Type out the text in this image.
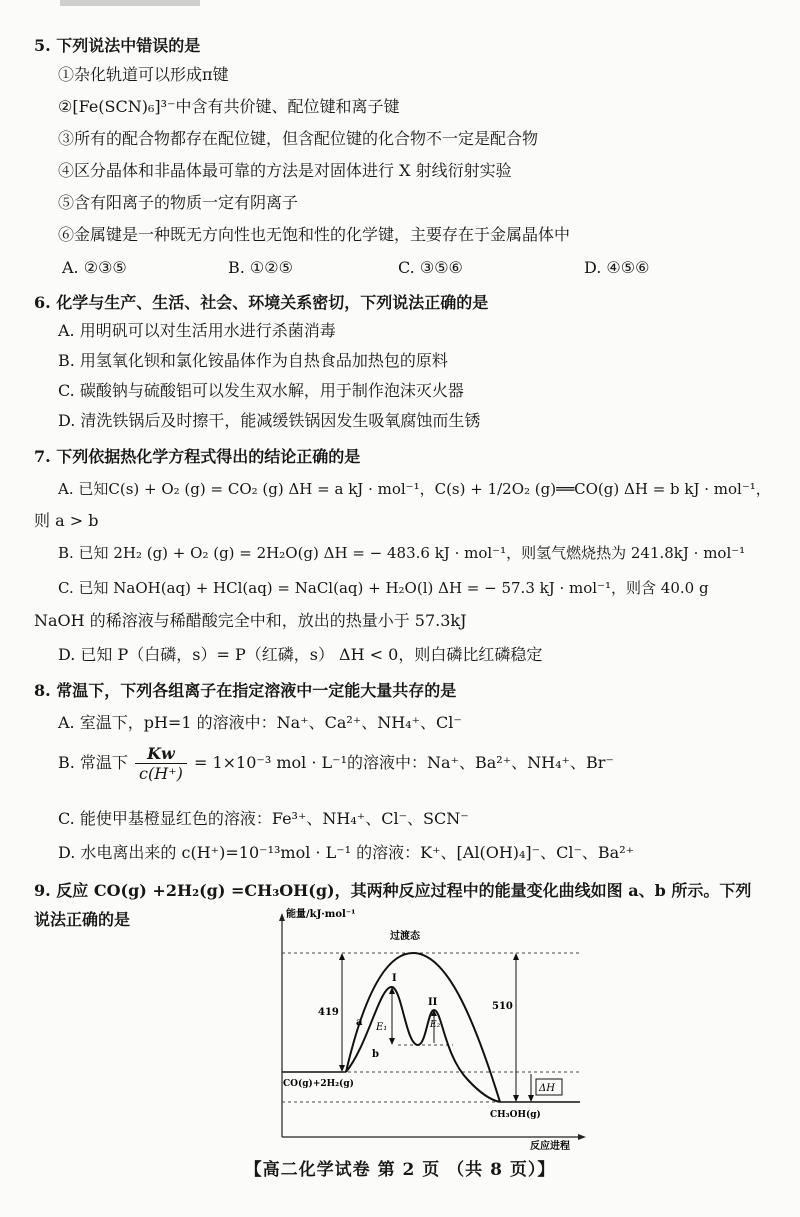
5. 下列说法中错误的是
①杂化轨道可以形成π键
②[Fe(SCN)₆]³⁻中含有共价键、配位键和离子键
③所有的配合物都存在配位键，但含配位键的化合物不一定是配合物
④区分晶体和非晶体最可靠的方法是对固体进行 X 射线衍射实验
⑤含有阳离子的物质一定有阴离子
⑥金属键是一种既无方向性也无饱和性的化学键，主要存在于金属晶体中
A. ②③⑤	B. ①②⑤	C. ③⑤⑥	D. ④⑤⑥
6. 化学与生产、生活、社会、环境关系密切，下列说法正确的是
A. 用明矾可以对生活用水进行杀菌消毒
B. 用氢氧化钡和氯化铵晶体作为自热食品加热包的原料
C. 碳酸钠与硫酸铝可以发生双水解，用于制作泡沫灭火器
D. 清洗铁锅后及时擦干，能减缓铁锅因发生吸氧腐蚀而生锈
7. 下列依据热化学方程式得出的结论正确的是
A. 已知C(s) + O₂ (g) = CO₂ (g) ΔH = a kJ · mol⁻¹，C(s) + 1/2O₂ (g)══CO(g) ΔH = b kJ · mol⁻¹，
则 a > b
B. 已知 2H₂ (g) + O₂ (g) = 2H₂O(g) ΔH = − 483.6 kJ · mol⁻¹，则氢气燃烧热为 241.8kJ · mol⁻¹
C. 已知 NaOH(aq) + HCl(aq) = NaCl(aq) + H₂O(l) ΔH = − 57.3 kJ · mol⁻¹，则含 40.0 g
NaOH 的稀溶液与稀醋酸完全中和，放出的热量小于 57.3kJ
D. 已知 P（白磷，s）= P（红磷，s） ΔH < 0，则白磷比红磷稳定
8. 常温下，下列各组离子在指定溶液中一定能大量共存的是
A. 室温下，pH=1 的溶液中：Na⁺、Ca²⁺、NH₄⁺、Cl⁻
B. 常温下 $\frac{Kw}{c(H^+)} = 1\times 10^{-3}$ mol · L⁻¹的溶液中：Na⁺、Ba²⁺、NH₄⁺、Br⁻
C. 能使甲基橙显红色的溶液：Fe³⁺、NH₄⁺、Cl⁻、SCN⁻
D. 水电离出来的 c(H⁺)=10⁻¹³mol · L⁻¹ 的溶液：K⁺、[Al(OH)₄]⁻、Cl⁻、Ba²⁺
9. 反应 CO(g) +2H₂(g) =CH₃OH(g)，其两种反应过程中的能量变化曲线如图 a、b 所示。下列
说法正确的是	能量/kJ·mol⁻¹
反应进程
过渡态
I
II
a
b
E₁	E₂
419
510
ΔH
CO(g)+2H₂(g)
CH₃OH(g)
【高二化学试卷 第 2 页 （共 8 页）】
